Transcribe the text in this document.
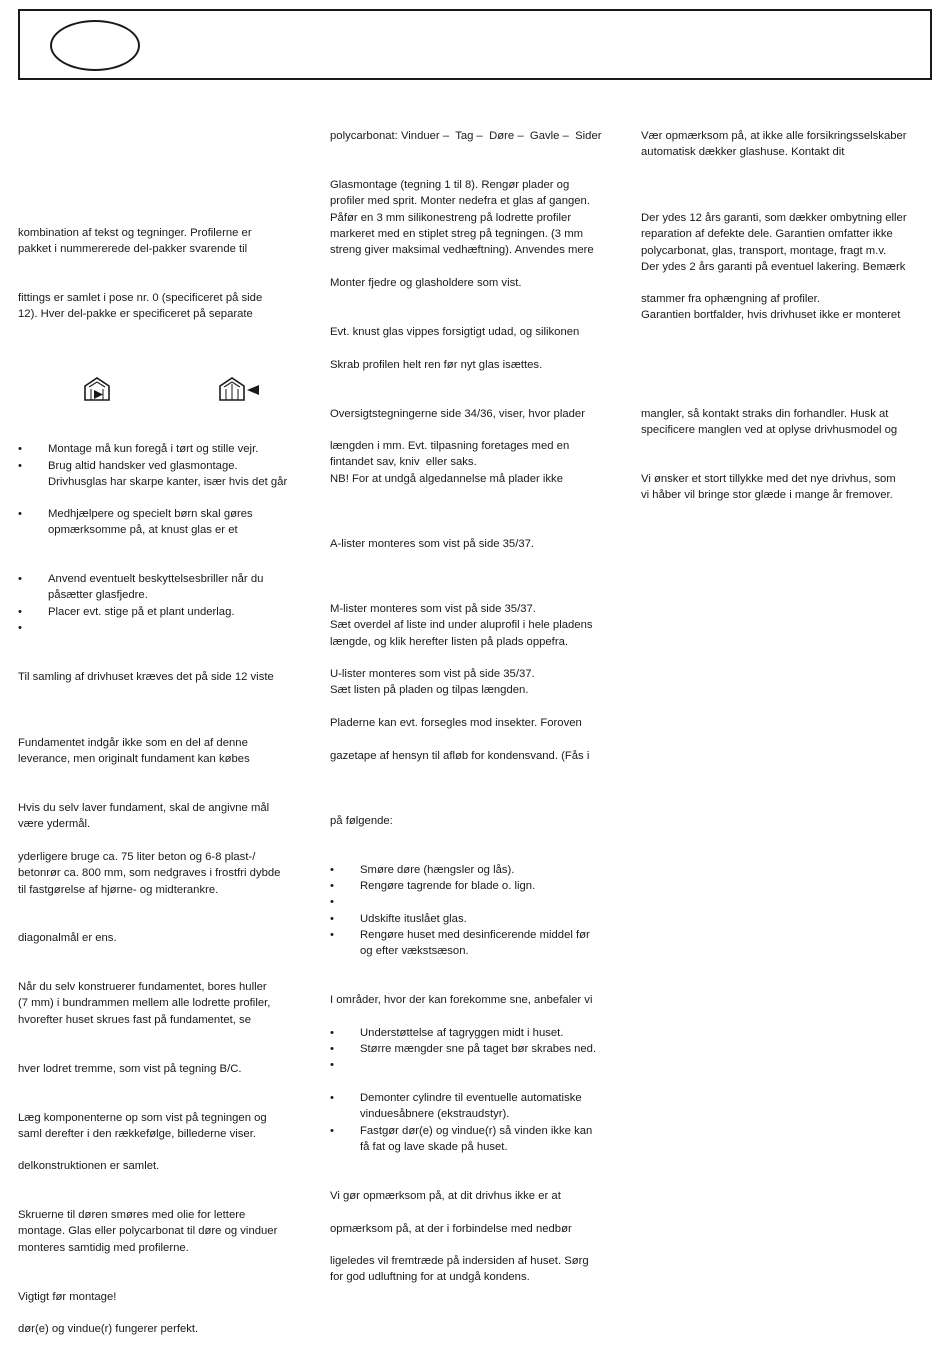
kombination af tekst og tegninger. Profilerne er
pakket i nummererede del-pakker svarende til

fittings er samlet i pose nr. 0 (specificeret på side
12). Hver del-pakke er specificeret på separate

• Montage må kun foregå i tørt og stille vejr.
• Brug altid handsker ved glasmontage.
Drivhusglas har skarpe kanter, især hvis det går
• Medhjælpere og specielt børn skal gøres
opmærksomme på, at knust glas er et
• Anvend eventuelt beskyttelsesbriller når du
påsætter glasfjedre.
• Placer evt. stige på et plant underlag.
•

Til samling af drivhuset kræves det på side 12 viste

Fundamentet indgår ikke som en del af denne
leverance, men originalt fundament kan købes

Hvis du selv laver fundament, skal de angivne mål
være ydermål.

yderligere bruge ca. 75 liter beton og 6-8 plast-/
betonrør ca. 800 mm, som nedgraves i frostfri dybde
til fastgørelse af hjørne- og midterankre.

diagonalmål er ens.

Når du selv konstruerer fundamentet, bores huller
(7 mm) i bundrammen mellem alle lodrette profiler,
hvorefter huset skrues fast på fundamentet, se

hver lodret tremme, som vist på tegning B/C.

Læg komponenterne op som vist på tegningen og
saml derefter i den rækkefølge, billederne viser.

delkonstruktionen er samlet.

Skruerne til døren smøres med olie for lettere
montage. Glas eller polycarbonat til døre og vinduer
monteres samtidig med profilerne.

Vigtigt før montage!

dør(e) og vindue(r) fungerer perfekt.

polycarbonat: Vinduer –  Tag –  Døre –  Gavle –  Sider

Glasmontage (tegning 1 til 8). Rengør plader og
profiler med sprit. Monter nedefra et glas af gangen.
Påfør en 3 mm silikonestreng på lodrette profiler
markeret med en stiplet streg på tegningen. (3 mm
streng giver maksimal vedhæftning). Anvendes mere

Monter fjedre og glasholdere som vist.

Evt. knust glas vippes forsigtigt udad, og silikonen

Skrab profilen helt ren før nyt glas isættes.

Oversigtstegningerne side 34/36, viser, hvor plader

længden i mm. Evt. tilpasning foretages med en
fintandet sav, kniv  eller saks.
NB! For at undgå algedannelse må plader ikke

A-lister monteres som vist på side 35/37.

M-lister monteres som vist på side 35/37.
Sæt overdel af liste ind under aluprofil i hele pladens
længde, og klik herefter listen på plads oppefra.

U-lister monteres som vist på side 35/37.
Sæt listen på pladen og tilpas længden.

Pladerne kan evt. forsegles mod insekter. Foroven

gazetape af hensyn til afløb for kondensvand. (Fås i

på følgende:

• Smøre døre (hængsler og lås).
• Rengøre tagrende for blade o. lign.
•
• Udskifte ituslået glas.
• Rengøre huset med desinficerende middel før
og efter vækstsæson.

I områder, hvor der kan forekomme sne, anbefaler vi

• Understøttelse af tagryggen midt i huset.
• Større mængder sne på taget bør skrabes ned.
•
• Demonter cylindre til eventuelle automatiske
vinduesåbnere (ekstraudstyr).
• Fastgør dør(e) og vindue(r) så vinden ikke kan
få fat og lave skade på huset.

Vi gør opmærksom på, at dit drivhus ikke er at

opmærksom på, at der i forbindelse med nedbør

ligeledes vil fremtræde på indersiden af huset. Sørg
for god udluftning for at undgå kondens.

Vær opmærksom på, at ikke alle forsikringsselskaber
automatisk dækker glashuse. Kontakt dit

Der ydes 12 års garanti, som dækker ombytning eller
reparation af defekte dele. Garantien omfatter ikke
polycarbonat, glas, transport, montage, fragt m.v.
Der ydes 2 års garanti på eventuel lakering. Bemærk

stammer fra ophængning af profiler.
Garantien bortfalder, hvis drivhuset ikke er monteret

mangler, så kontakt straks din forhandler. Husk at
specificere manglen ved at oplyse drivhusmodel og

Vi ønsker et stort tillykke med det nye drivhus, som
vi håber vil bringe stor glæde i mange år fremover.
